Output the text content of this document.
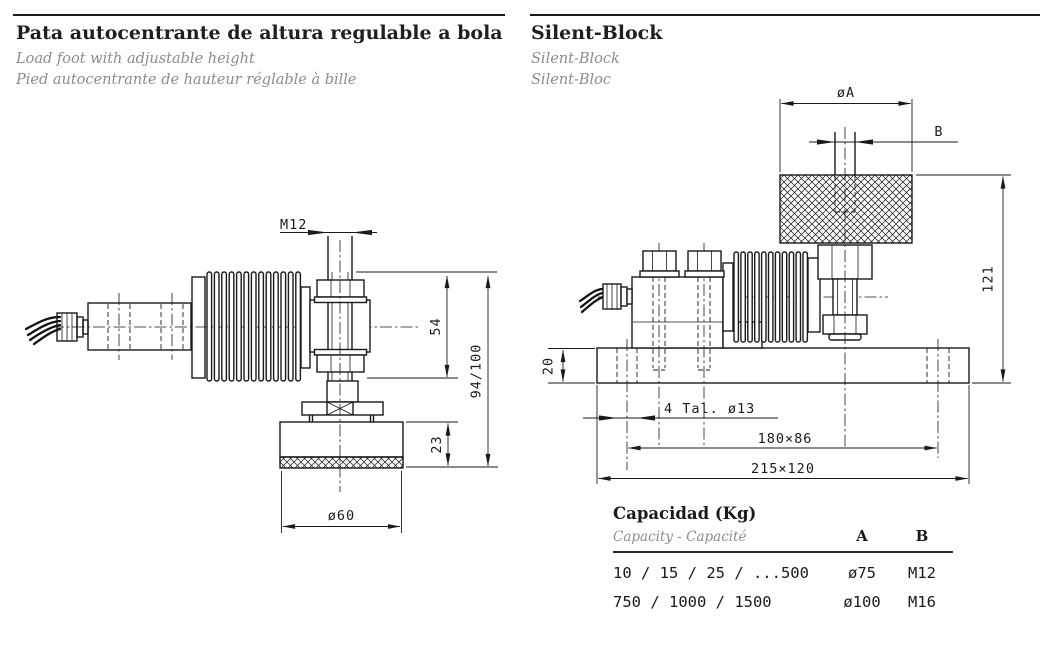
Pata autocentrante de altura regulable a bola
Load foot with adjustable height
Pied autocentrante de hauteur réglable à bille
Silent-Block
Silent-Block
Silent-Bloc
M12
54
94/100
23
ø60
øA
B
121
20
4 Tal. ø13
180×86
215×120
Capacidad (Kg)
Capacity - Capacité	A	B
10 / 15 / 25 / ...500	ø75	M12
750 / 1000 / 1500	ø100	M16
